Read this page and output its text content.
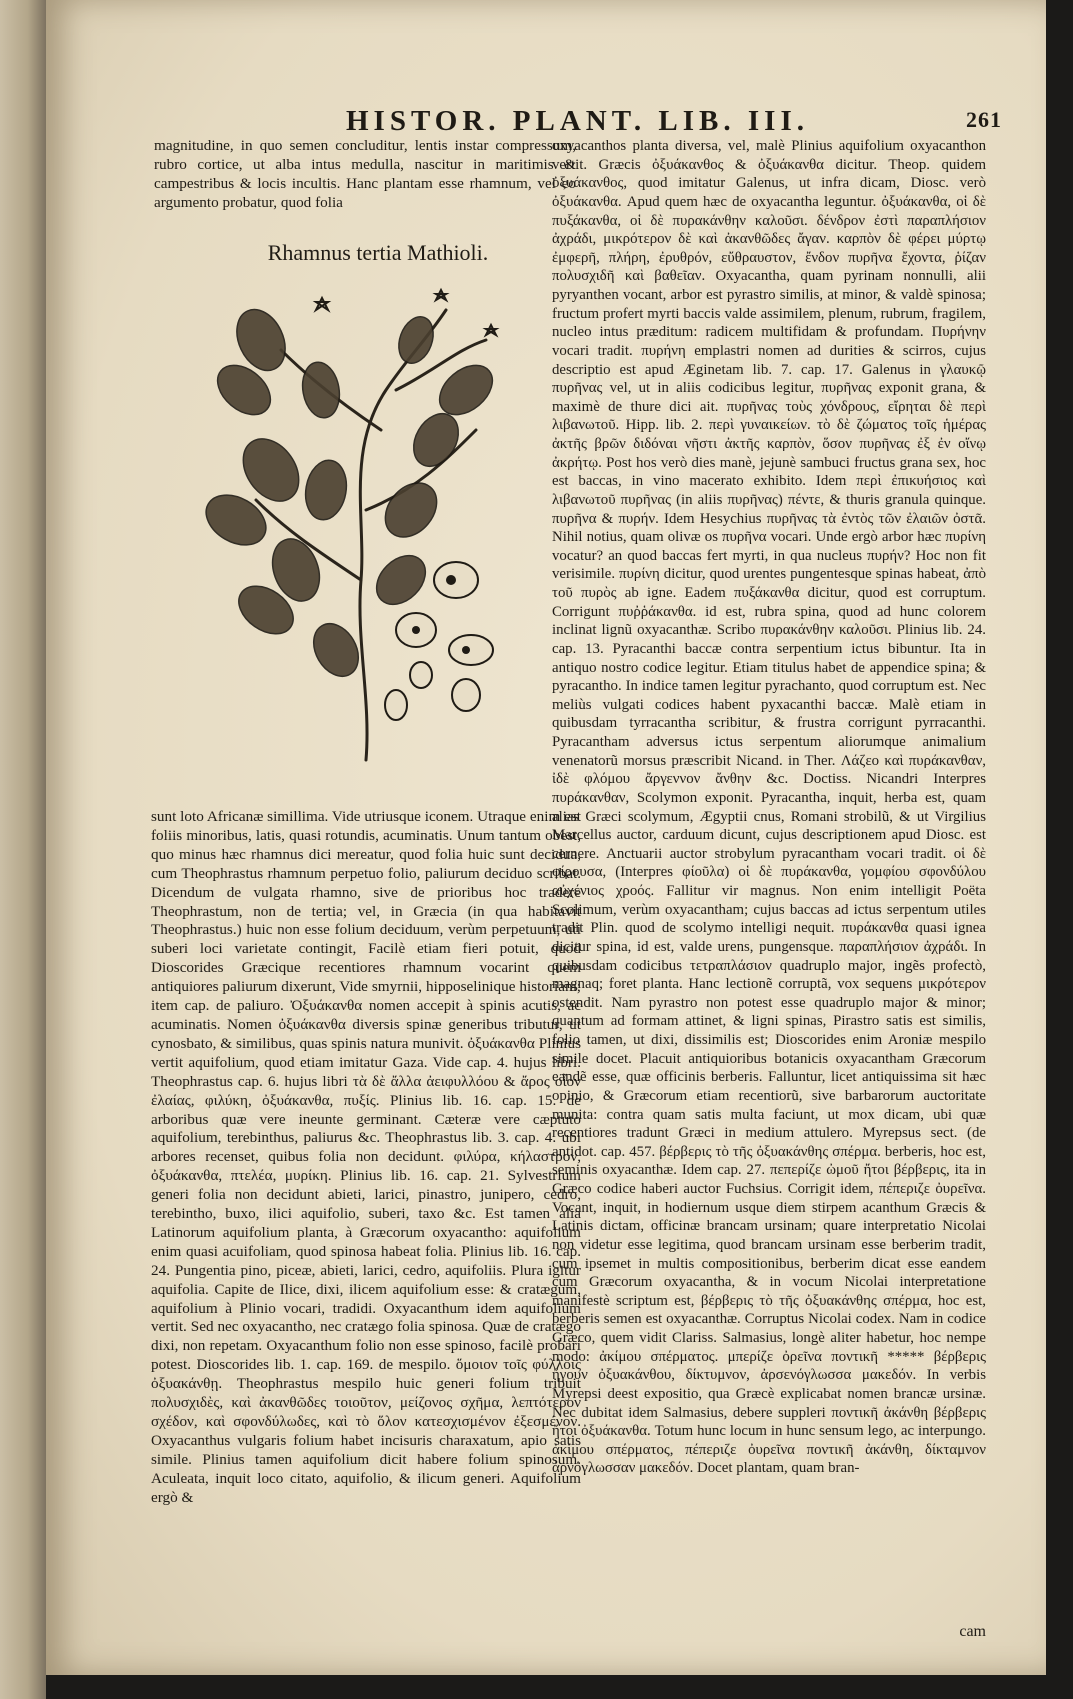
HISTOR. PLANT. LIB. III.	261

magnitudine, in quo semen concluditur, lentis instar compressum, rubro cortice, ut alba intus medulla, nascitur in maritimis & campestribus & locis incultis. Hanc plantam esse rhamnum, vel eo argumento probatur, quod folia

Rhamnus tertia Mathioli.

sunt loto Africanæ simillima. Vide utriusque iconem. Utraque enim est foliis minoribus, latis, quasi rotundis, acuminatis. Unum tantum obest, quo minus hæc rhamnus dici mereatur, quod folia huic sunt decidua, cum Theophrastus rhamnum perpetuo folio, paliurum deciduo scribat. Dicendum de vulgata rhamno, sive de prioribus hoc tradere Theophrastum, non de tertia; vel, in Græcia (in qua habitavit Theophrastus.) huic non esse folium deciduum, verùm perpetuum, uti suberi loci varietate contingit, Facilè etiam fieri potuit, quod Dioscorides Græcique recentiores rhamnum vocarint quem antiquiores paliurum dixerunt, Vide smyrnii, hipposelinique historiam; item cap. de paliuro. Ὀξυάκανθα nomen accepit à spinis acutis, ac acuminatis. Nomen ὀξυάκανθα diversis spinæ generibus tributur, ut cynosbato, & similibus, quas spinis natura munivit. ὀξυάκανθα Plinius vertit aquifolium, quod etiam imitatur Gaza. Vide cap. 4. hujus libri. Theophrastus cap. 6. hujus libri τὰ δὲ ἄλλα ἀειφυλλόου & ἄρος οἷον ἐλαίας, φιλύκη, ὀξυάκανθα, πυξίς. Plinius lib. 16. cap. 15. de arboribus quæ vere ineunte germinant. Cæteræ vere cæptuto aquifolium, terebinthus, paliurus &c. Theophrastus lib. 3. cap. 4. ubi arbores recenset, quibus folia non decidunt. φιλύρα, κήλαστρον, ὀξυάκανθα, πτελέα, μυρίκη. Plinius lib. 16. cap. 21. Sylvestrium generi folia non decidunt abieti, larici, pinastro, junipero, cedro, terebintho, buxo, ilici aquifolio, suberi, taxo &c. Est tamen alia Latinorum aquifolium planta, à Græcorum oxyacantho: aquifolium enim quasi acuifoliam, quod spinosa habeat folia. Plinius lib. 16. cap. 24. Pungentia pino, piceæ, abieti, larici, cedro, aquifoliis. Plura igitur aquifolia. Capite de Ilice, dixi, ilicem aquifolium esse: & cratægum, aquifolium à Plinio vocari, tradidi. Oxyacanthum idem aquifolium vertit. Sed nec oxyacantho, nec cratægo folia spinosa. Quæ de cratægo dixi, non repetam. Oxyacanthum folio non esse spinoso, facilè probari potest. Dioscorides lib. 1. cap. 169. de mespilo. ὅμοιον τοῖς φύλλοις ὀξυακάνθῃ. Theophrastus mespilo huic generi folium tribuit πολυσχιδὲς, καὶ ἀκανθῶδες τοιοῦτον, μείζονος σχῆμα, λεπτότερον σχέδον, καὶ σφονδύλωδες, καὶ τὸ ὅλον κατεσχισμένον ἐξεσμένον. Oxyacanthus vulgaris folium habet incisuris charaxatum, apio satis simile. Plinius tamen aquifolium dicit habere folium spinosum. Aculeata, inquit loco citato, aquifolio, & ilicum generi. Aquifolium ergò &

oxyacanthos planta diversa, vel, malè Plinius aquifolium oxyacanthon vertit. Græcis ὀξυάκανθος & ὀξυάκανθα dicitur. Theop. quidem ὀξυάκανθος, quod imitatur Galenus, ut infra dicam, Diosc. verò ὀξυάκανθα. Apud quem hæc de oxyacantha leguntur. ὀξυάκανθα, οἱ δὲ πυξάκανθα, οἱ δὲ πυρακάνθην καλοῦσι. δένδρον ἐστὶ παραπλήσιον ἀχράδι, μικρότερον δὲ καὶ ἀκανθῶδες ἄγαν. καρπὸν δὲ φέρει μύρτῳ ἐμφερῆ, πλήρη, ἐρυθρόν, εὔθραυστον, ἔνδον πυρῆνα ἔχοντα, ῥίζαν πολυσχιδῆ καὶ βαθεῖαν. Oxyacantha, quam pyrinam nonnulli, alii pyryanthen vocant, arbor est pyrastro similis, at minor, & valdè spinosa; fructum profert myrti baccis valde assimilem, plenum, rubrum, fragilem, nucleo intus præditum: radicem multifidam & profundam. Πυρήνην vocari tradit. πυρήνη emplastri nomen ad durities & scirros, cujus descriptio est apud Æginetam lib. 7. cap. 17. Galenus in γλαυκῷ πυρῆνας vel, ut in aliis codicibus legitur, πυρῆνας exponit grana, & maximè de thure dici ait. πυρῆνας τοὺς χόνδρους, εἴρηται δὲ περὶ λιβανωτοῦ. Hipp. lib. 2. περὶ γυναικείων. τὸ δὲ ζώματος τοῖς ἡμέρας ἀκτῆς βρῶν διδόναι νῆστι ἀκτῆς καρπὸν, ὅσον πυρῆνας ἐξ ἐν οἴνῳ ἀκρήτῳ. Post hos verò dies manè, jejunè sambuci fructus grana sex, hoc est baccas, in vino macerato exhibito. Idem περὶ ἐπικυήσιος καὶ λιβανωτοῦ πυρῆνας (in aliis πυρῆνας) πέντε, & thuris granula quinque. πυρῆνα & πυρήν. Idem Hesychius πυρῆνας τὰ ἐντὸς τῶν ἐλαιῶν ὀστᾶ. Nihil notius, quam olivæ os πυρῆνα vocari. Unde ergò arbor hæc πυρίνη vocatur? an quod baccas fert myrti, in qua nucleus πυρήν? Hoc non fit verisimile. πυρίνη dicitur, quod urentes pungentesque spinas habeat, ἀπὸ τοῦ πυρὸς ab igne. Eadem πυξάκανθα dicitur, quod est corruptum. Corrigunt πυῤῥάκανθα. id est, rubra spina, quod ad hunc colorem inclinat lignũ oxyacanthæ. Scribo πυρακάνθην καλοῦσι. Plinius lib. 24. cap. 13. Pyracanthi baccæ contra serpentium ictus bibuntur. Ita in antiquo nostro codice legitur. Etiam titulus habet de appendice spina; & pyracantho. In indice tamen legitur pyrachanto, quod corruptum est. Nec meliùs vulgati codices habent pyxacanthi baccæ. Malè etiam in quibusdam tyrracantha scribitur, & frustra corrigunt pyrracanthi. Pyracantham adversus ictus serpentum aliorumque animalium venenatorũ morsus præscribit Nicand. in Ther. Λάζεο καὶ πυράκανθαν, ἰδὲ φλόμου ἄργεννον ἄνθην &c. Doctiss. Nicandri Interpres πυράκανθαν, Scolymon exponit. Pyracantha, inquit, herba est, quam alias Græci scolymum, Ægyptii cnus, Romani strobilũ, & ut Virgilius Marcellus auctor, carduum dicunt, cujus descriptionem apud Diosc. est cernere. Anctuarii auctor strobylum pyracantham vocari tradit. οἱ δὲ φίρουσα, (Interpres φίοῦλα) οἱ δὲ πυράκανθα, γομφίου σφονδύλου αὐχένιος χροός. Fallitur vir magnus. Non enim intelligit Poëta Scolimum, verùm oxyacantham; cujus baccas ad ictus serpentum utiles tradit Plin. quod de scolymo intelligi nequit. πυράκανθα quasi ignea dicitur spina, id est, valde urens, pungensque. παραπλήσιον ἀχράδι. In quibusdam codicibus τετραπλάσιον quadruplo major, ingẽs profectò, magnaq; foret planta. Hanc lectionẽ corruptã, vox sequens μικρότερον ostendit. Nam pyrastro non potest esse quadruplo major & minor; quantum ad formam attinet, & ligni spinas, Pirastro satis est similis, folio tamen, ut dixi, dissimilis est; Dioscorides enim Aroniæ mespilo simile docet. Placuit antiquioribus botanicis oxyacantham Græcorum eandẽ esse, quæ officinis berberis. Falluntur, licet antiquissima sit hæc opinio, & Græcorum etiam recentiorũ, sive barbarorum auctoritate munita: contra quam satis multa faciunt, ut mox dicam, ubi quæ recentiores tradunt Græci in medium attulero. Myrepsus sect. (de antidot. cap. 457. βέρβερις τὸ τῆς ὀξυακάνθης σπέρμα. berberis, hoc est, seminis oxyacanthæ. Idem cap. 27. πεπερίζε ὠμοῦ ἤτοι βέρβερις, ita in Græco codice haberi auctor Fuchsius. Corrigit idem, πέπεριζε ὀυρεῖνα. Vocant, inquit, in hodiernum usque diem stirpem acanthum Græcis & Latinis dictam, officinæ brancam ursinam; quare interpretatio Nicolai non videtur esse legitima, quod brancam ursinam esse berberim tradit, cum ipsemet in multis compositionibus, berberim dicat esse eandem cum Græcorum oxyacantha, & in vocum Nicolai interpretatione manifestè scriptum est, βέρβερις τὸ τῆς ὀξυακάνθης σπέρμα, hoc est, berberis semen est oxyacanthæ. Corruptus Nicolai codex. Nam in codice Græco, quem vidit Clariss. Salmasius, longè aliter habetur, hoc nempe modo: ἀκίμου σπέρματος. μπερίζε ὀρεῖνα ποντικῆ ***** βέρβερις ἤγουν ὀξυακάνθου, δίκτυμνον, ἀρσενόγλωσσα μακεδόν. In verbis Myrepsi deest expositio, qua Græcè explicabat nomen brancæ ursinæ. Nec dubitat idem Salmasius, debere suppleri ποντικῆ ἀκάνθη βέρβερις ἤτοι ὀξυάκανθα. Totum hunc locum in hunc sensum lego, ac interpungo. ἀκίμου σπέρματος, πέπεριζε ὀυρεῖνα ποντικῆ ἀκάνθη, δίκταμνον ἀρνόγλωσσαν μακεδόν. Docet plantam, quam bran-

cam
